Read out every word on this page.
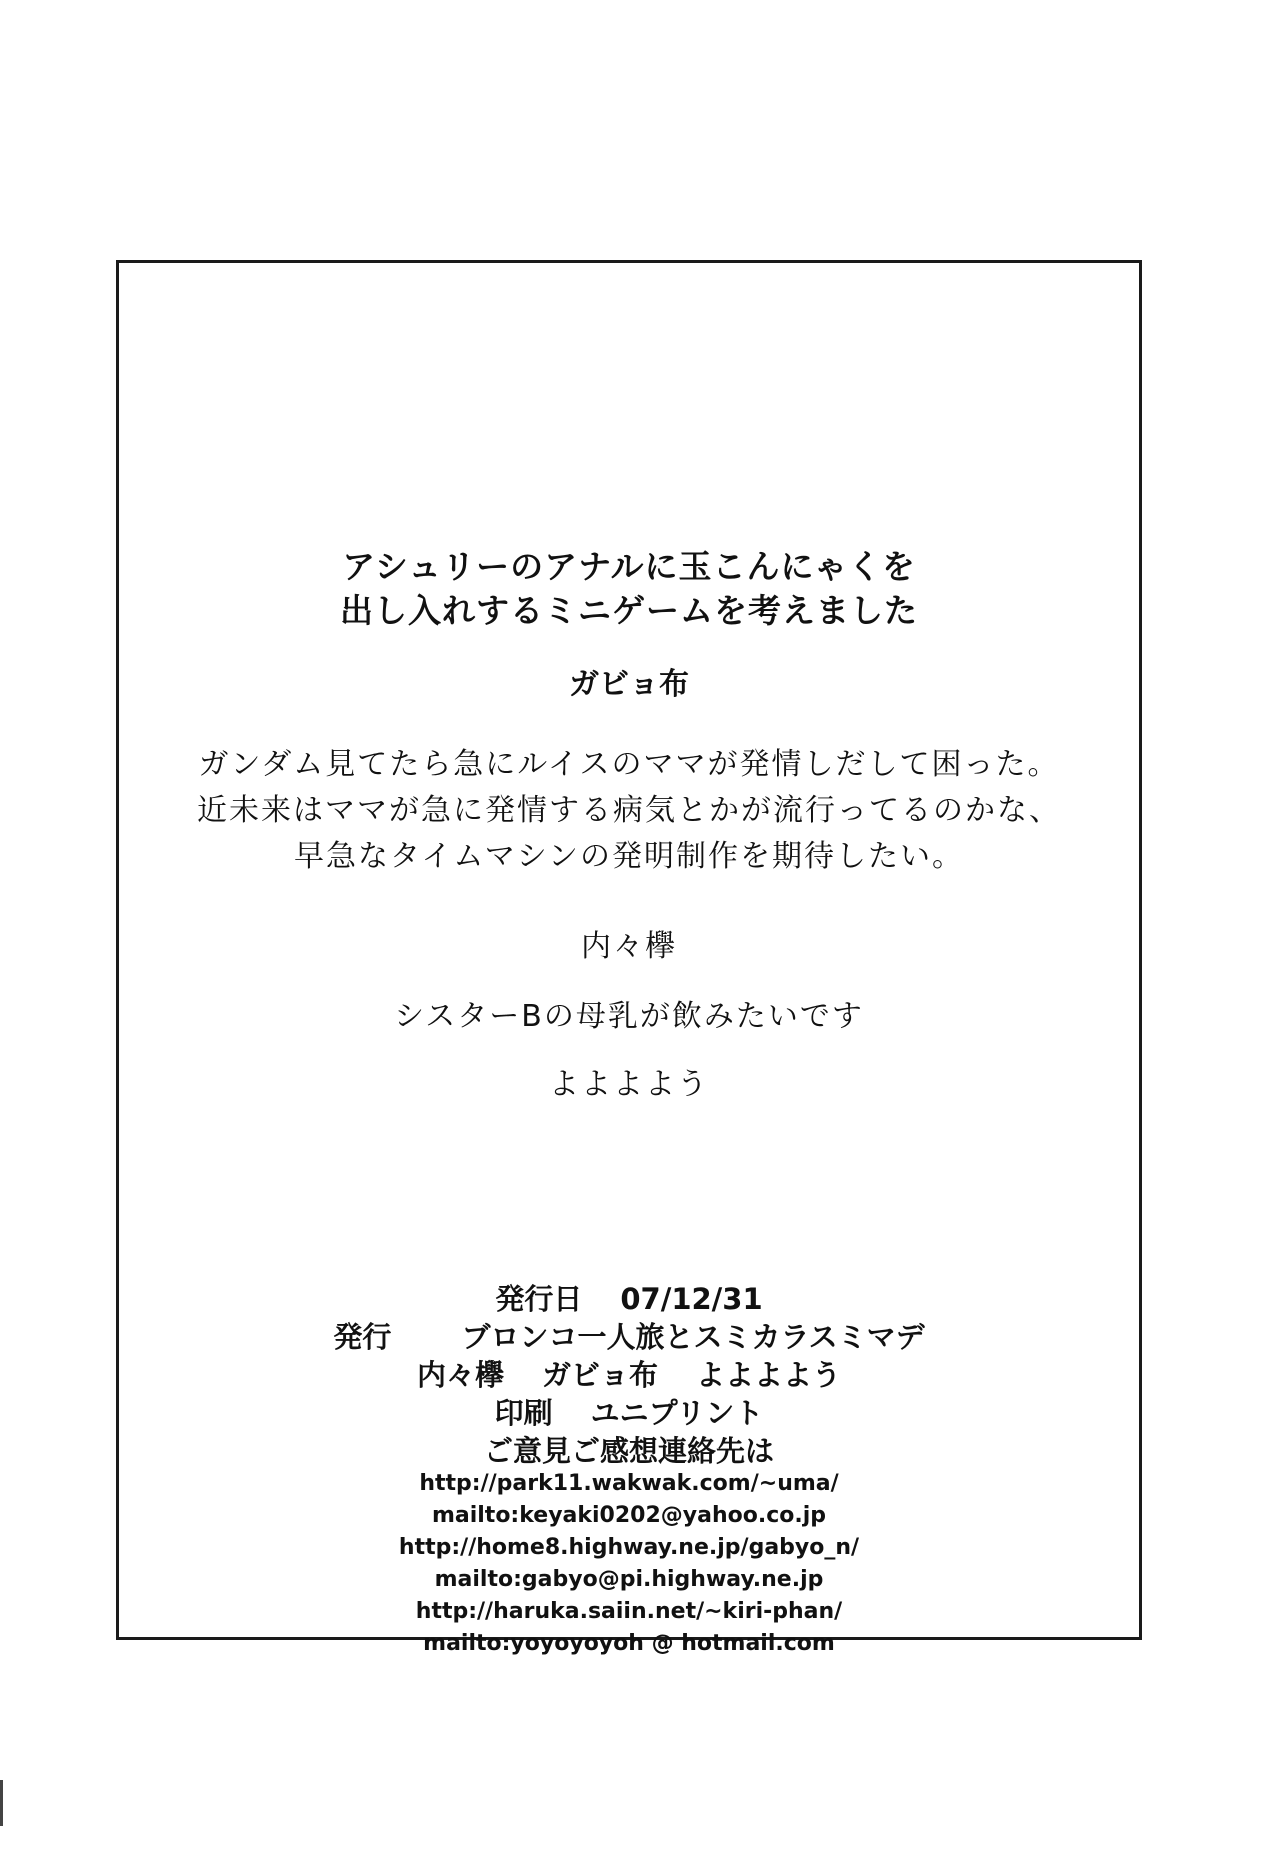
アシュリーのアナルに玉こんにゃくを
出し入れするミニゲームを考えました
ガビョ布
ガンダム見てたら急にルイスのママが発情しだして困った。
近未来はママが急に発情する病気とかが流行ってるのかな、
早急なタイムマシンの発明制作を期待したい。
内々欅
シスターBの母乳が飲みたいです
よよよよう
発行日 07/12/31
発行 ブロンコ一人旅とスミカラスミマデ
内々欅 ガビョ布 よよよよう
印刷 ユニプリント
ご意見ご感想連絡先は
http://park11.wakwak.com/~uma/
mailto:keyaki0202@yahoo.co.jp
http://home8.highway.ne.jp/gabyo_n/
mailto:gabyo@pi.highway.ne.jp
http://haruka.saiin.net/~kiri-phan/
mailto:yoyoyoyoh @ hotmail.com
